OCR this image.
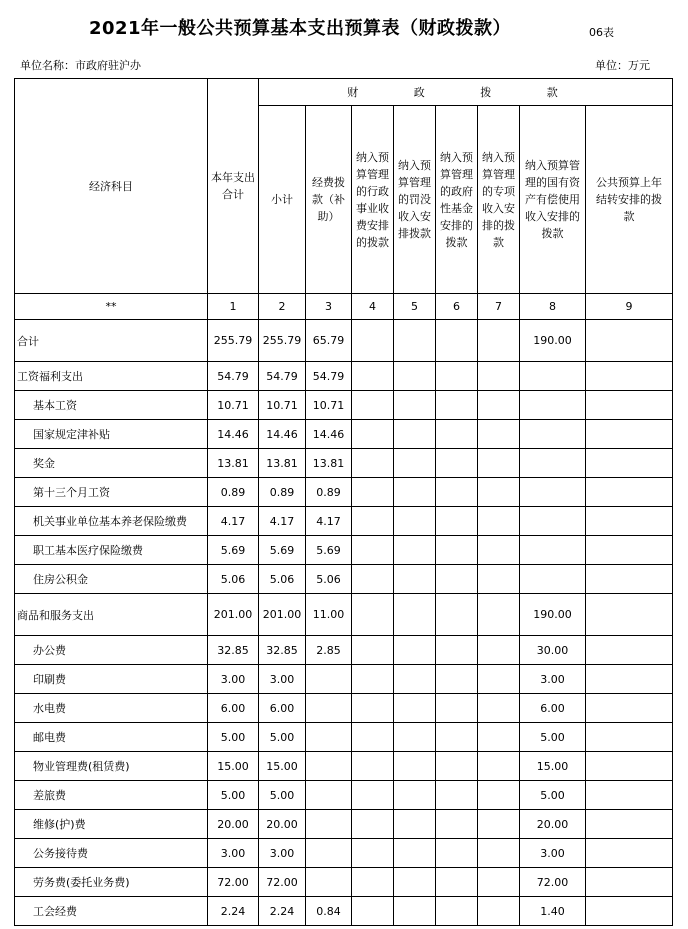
2021年一般公共预算基本支出预算表（财政拨款）	06表
单位名称：市政府驻沪办	单位：万元
经济科目	本年支出合计	财 政 拨 款							
		小计	经费拨款（补助）	纳入预算管理的行政事业收费安排的拨款	纳入预算管理的罚没收入安排拨款	纳入预算管理的政府性基金安排的拨款	纳入预算管理的专项收入安排的拨款	纳入预算管理的国有资产有偿使用收入安排的拨款	公共预算上年结转安排的拨款
**	1	2	3	4	5	6	7	8	9
合计	255.79	255.79	65.79					190.00	
工资福利支出	54.79	54.79	54.79						
基本工资	10.71	10.71	10.71						
国家规定津补贴	14.46	14.46	14.46						
奖金	13.81	13.81	13.81						
第十三个月工资	0.89	0.89	0.89						
机关事业单位基本养老保险缴费	4.17	4.17	4.17						
职工基本医疗保险缴费	5.69	5.69	5.69						
住房公积金	5.06	5.06	5.06						
商品和服务支出	201.00	201.00	11.00					190.00	
办公费	32.85	32.85	2.85					30.00	
印刷费	3.00	3.00						3.00	
水电费	6.00	6.00						6.00	
邮电费	5.00	5.00						5.00	
物业管理费(租赁费)	15.00	15.00						15.00	
差旅费	5.00	5.00						5.00	
维修(护)费	20.00	20.00						20.00	
公务接待费	3.00	3.00						3.00	
劳务费(委托业务费)	72.00	72.00						72.00	
工会经费	2.24	2.24	0.84					1.40	
